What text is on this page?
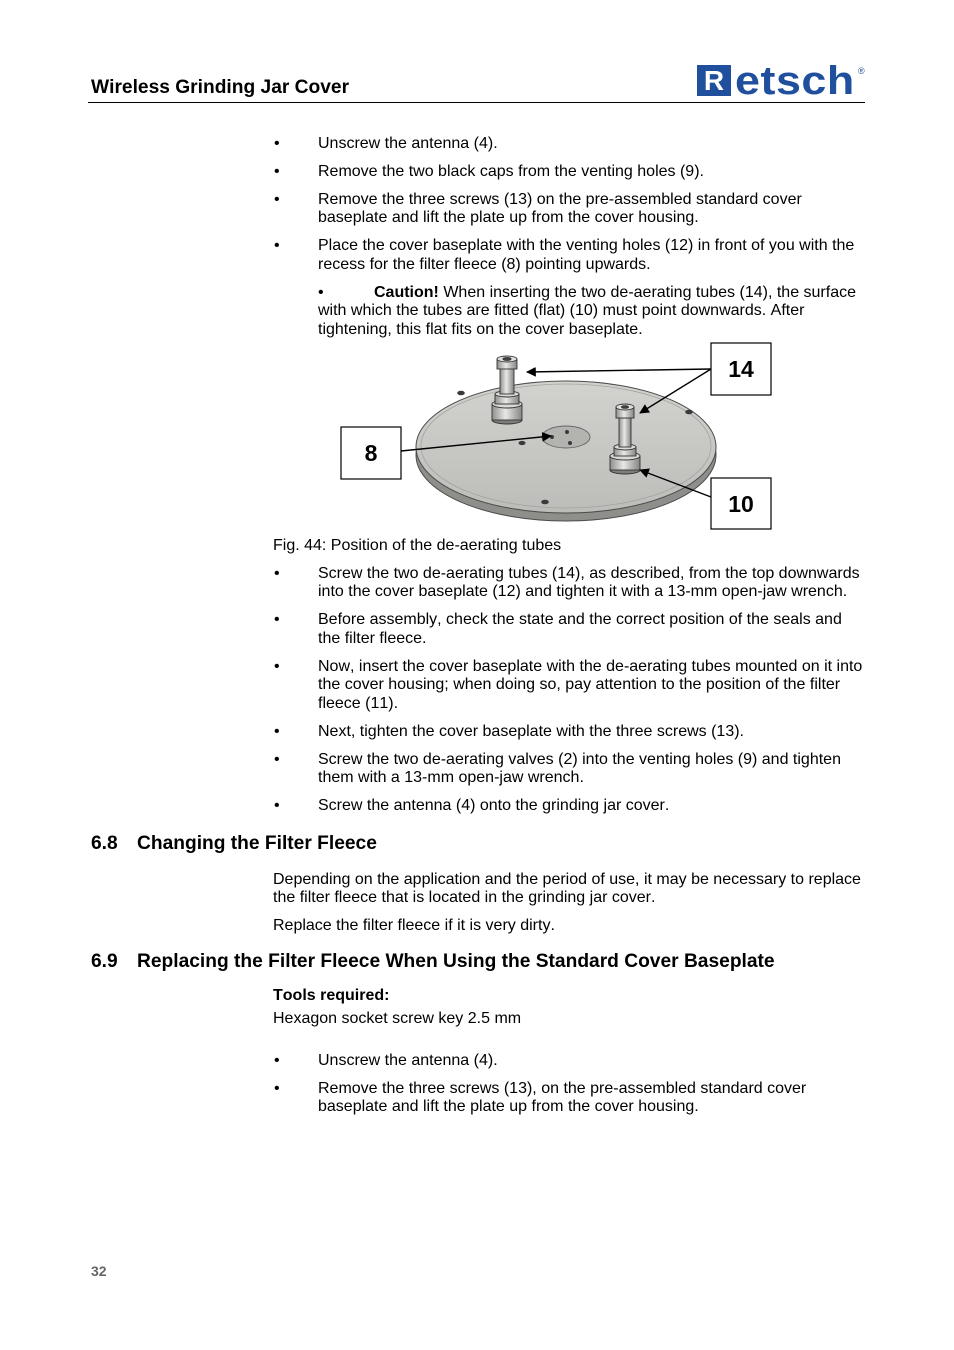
Wireless Grinding Jar Cover	R etsch ®
• Unscrew the antenna (4).
• Remove the two black caps from the venting holes (9).
• Remove the three screws (13) on the pre-assembled standard cover baseplate and lift the plate up from the cover housing.
• Place the cover baseplate with the venting holes (12) in front of you with the recess for the filter fleece (8) pointing upwards.
•	Caution! When inserting the two de-aerating tubes (14), the surface with which the tubes are fitted (flat) (10) must point downwards. After tightening, this flat fits on the cover baseplate.
14
8
10
Fig. 44: Position of the de-aerating tubes
• Screw the two de-aerating tubes (14), as described, from the top downwards into the cover baseplate (12) and tighten it with a 13-mm open-jaw wrench.
• Before assembly, check the state and the correct position of the seals and the filter fleece.
• Now, insert the cover baseplate with the de-aerating tubes mounted on it into the cover housing; when doing so, pay attention to the position of the filter fleece (11).
• Next, tighten the cover baseplate with the three screws (13).
• Screw the two de-aerating valves (2) into the venting holes (9) and tighten them with a 13-mm open-jaw wrench.
• Screw the antenna (4) onto the grinding jar cover.
6.8 Changing the Filter Fleece

Depending on the application and the period of use, it may be necessary to replace the filter fleece that is located in the grinding jar cover.

Replace the filter fleece if it is very dirty.

6.9 Replacing the Filter Fleece When Using the Standard Cover Baseplate
Tools required:
Hexagon socket screw key 2.5 mm
• Unscrew the antenna (4).
• Remove the three screws (13), on the pre-assembled standard cover baseplate and lift the plate up from the cover housing.
32
